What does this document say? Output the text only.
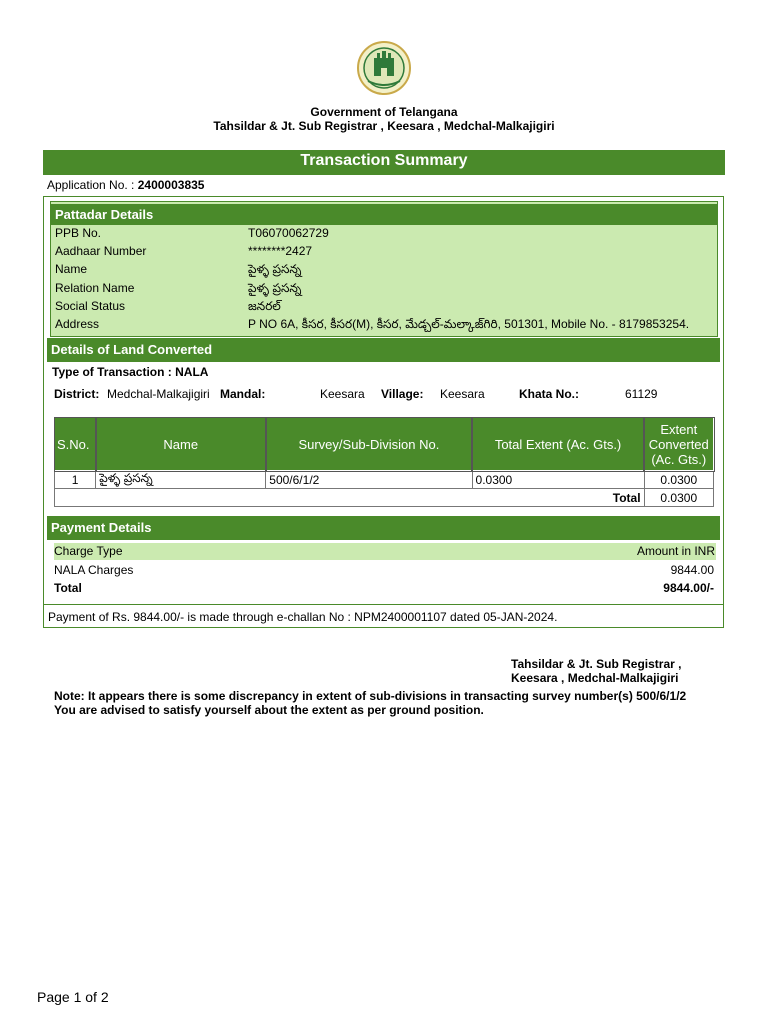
Government of Telangana
Tahsildar & Jt. Sub Registrar , Keesara , Medchal-Malkajigiri
Transaction Summary
Application No. : 2400003835
Pattadar Details
PPB No.	T06070062729
Aadhaar Number	********2427
Name	పైళ్ళ ప్రసన్న
Relation Name	పైళ్ళ ప్రసన్న
Social Status	జనరల్
Address	P NO 6A, కీసర, కీసర(M), కీసర, మేడ్చల్-మల్కాజ్‌గిరి, 501301, Mobile No. - 8179853254.
Details of Land Converted
Type of Transaction : NALA
District: Medchal-Malkajigiri Mandal:	Keesara Village: Keesara	Khata No.:	61129
S.No.	Name	Survey/Sub-Division No.	Total Extent (Ac. Gts.)	Extent Converted (Ac. Gts.)
1	పైళ్ళ ప్రసన్న	500/6/1/2	0.0300	0.0300
Total				0.0300
Payment Details
Charge Type	Amount in INR
NALA Charges	9844.00
Total	9844.00/-
Payment of Rs. 9844.00/- is made through e-challan No : NPM2400001107 dated 05-JAN-2024.
Tahsildar & Jt. Sub Registrar ,
Keesara , Medchal-Malkajigiri
Note: It appears there is some discrepancy in extent of sub-divisions in transacting survey number(s) 500/6/1/2
You are advised to satisfy yourself about the extent as per ground position.
Page 1 of 2
